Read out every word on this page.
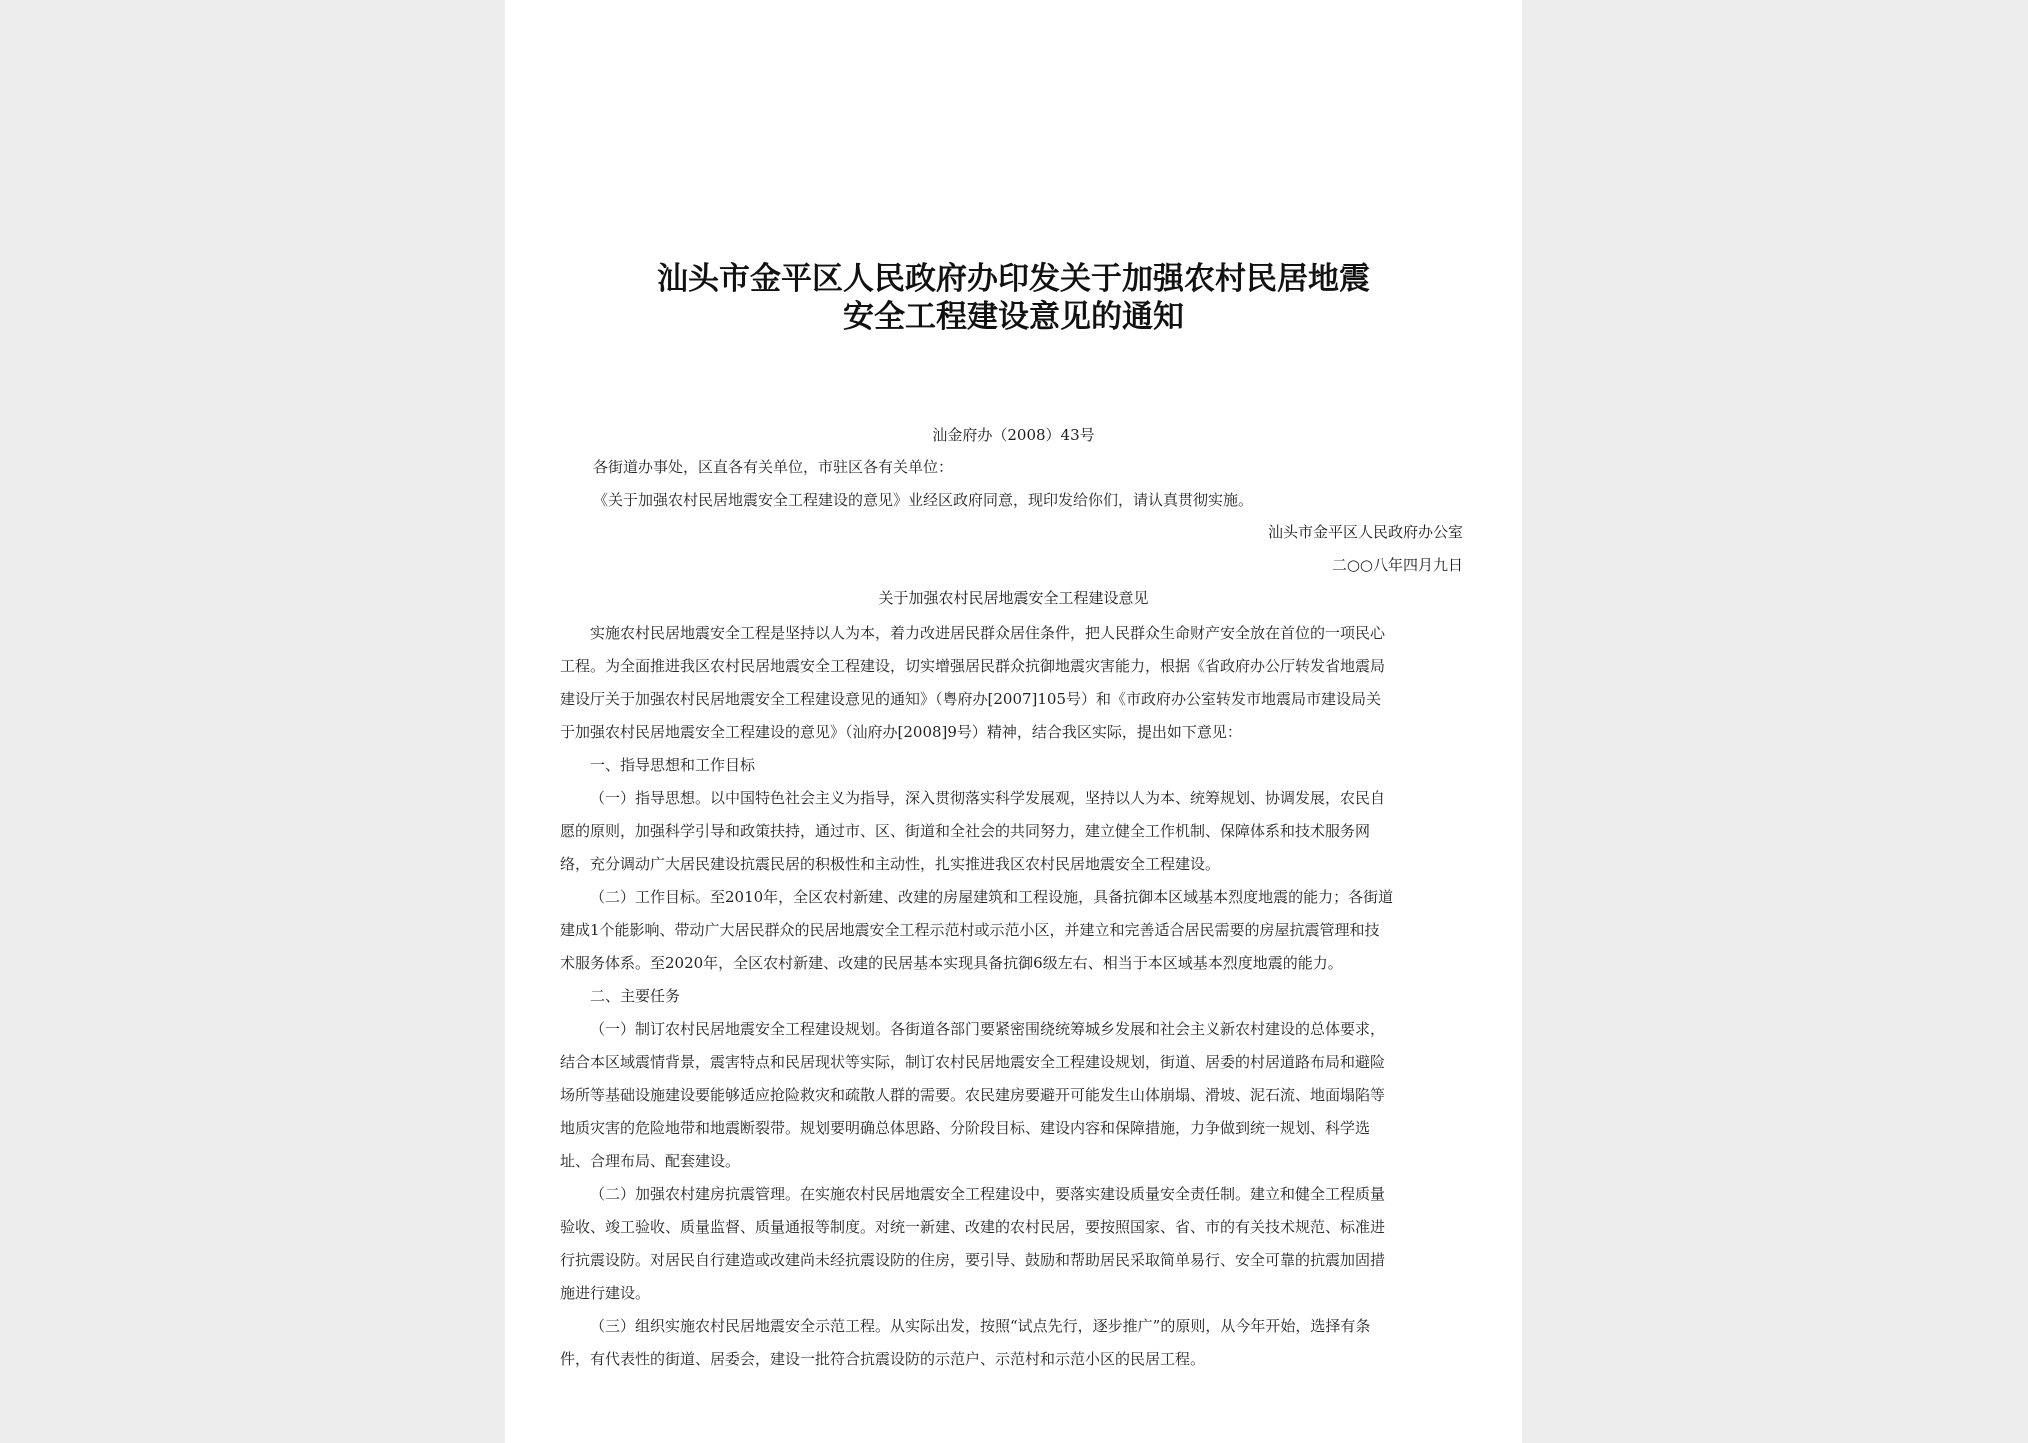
汕头市金平区人民政府办印发关于加强农村民居地震
安全工程建设意见的通知
汕金府办（2008）43号
各街道办事处，区直各有关单位，市驻区各有关单位：
《关于加强农村民居地震安全工程建设的意见》业经区政府同意，现印发给你们，请认真贯彻实施。
汕头市金平区人民政府办公室
二○○八年四月九日
关于加强农村民居地震安全工程建设意见
实施农村民居地震安全工程是坚持以人为本，着力改进居民群众居住条件，把人民群众生命财产安全放在首位的一项民心
工程。为全面推进我区农村民居地震安全工程建设，切实增强居民群众抗御地震灾害能力，根据《省政府办公厅转发省地震局
建设厅关于加强农村民居地震安全工程建设意见的通知》（粤府办[2007]105号）和《市政府办公室转发市地震局市建设局关
于加强农村民居地震安全工程建设的意见》（汕府办[2008]9号）精神，结合我区实际，提出如下意见：
一、指导思想和工作目标
（一）指导思想。以中国特色社会主义为指导，深入贯彻落实科学发展观，坚持以人为本、统筹规划、协调发展，农民自
愿的原则，加强科学引导和政策扶持，通过市、区、街道和全社会的共同努力，建立健全工作机制、保障体系和技术服务网
络，充分调动广大居民建设抗震民居的积极性和主动性，扎实推进我区农村民居地震安全工程建设。
（二）工作目标。至2010年，全区农村新建、改建的房屋建筑和工程设施，具备抗御本区域基本烈度地震的能力；各街道
建成1个能影响、带动广大居民群众的民居地震安全工程示范村或示范小区，并建立和完善适合居民需要的房屋抗震管理和技
术服务体系。至2020年，全区农村新建、改建的民居基本实现具备抗御6级左右、相当于本区域基本烈度地震的能力。
二、主要任务
（一）制订农村民居地震安全工程建设规划。各街道各部门要紧密围绕统筹城乡发展和社会主义新农村建设的总体要求，
结合本区域震情背景，震害特点和民居现状等实际，制订农村民居地震安全工程建设规划，街道、居委的村居道路布局和避险
场所等基础设施建设要能够适应抢险救灾和疏散人群的需要。农民建房要避开可能发生山体崩塌、滑坡、泥石流、地面塌陷等
地质灾害的危险地带和地震断裂带。规划要明确总体思路、分阶段目标、建设内容和保障措施，力争做到统一规划、科学选
址、合理布局、配套建设。
（二）加强农村建房抗震管理。在实施农村民居地震安全工程建设中，要落实建设质量安全责任制。建立和健全工程质量
验收、竣工验收、质量监督、质量通报等制度。对统一新建、改建的农村民居，要按照国家、省、市的有关技术规范、标准进
行抗震设防。对居民自行建造或改建尚未经抗震设防的住房，要引导、鼓励和帮助居民采取简单易行、安全可靠的抗震加固措
施进行建设。
（三）组织实施农村民居地震安全示范工程。从实际出发，按照“试点先行，逐步推广”的原则，从今年开始，选择有条
件，有代表性的街道、居委会，建设一批符合抗震设防的示范户、示范村和示范小区的民居工程。
